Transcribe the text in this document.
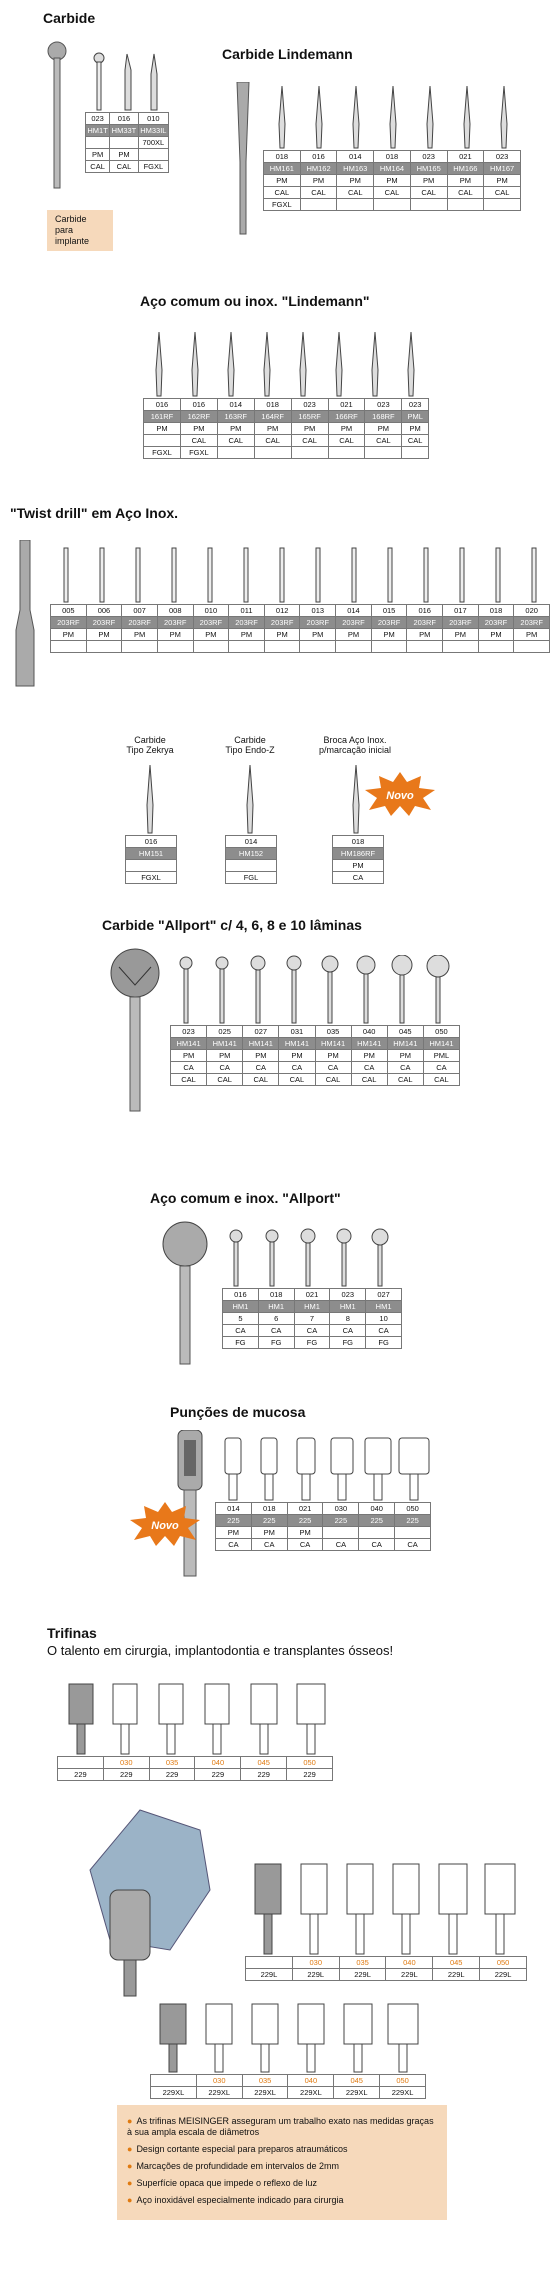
Carbide
023	016	010
HM1T	HM33T	HM33IL
		700XL
PM	PM	
CAL	CAL	FGXL
Carbide
para
implante
Carbide Lindemann
018	016	014	018	023	021	023
HM161	HM162	HM163	HM164	HM165	HM166	HM167
PM	PM	PM	PM	PM	PM	PM
CAL	CAL	CAL	CAL	CAL	CAL	CAL
FGXL						
Aço comum ou inox. "Lindemann"
016	016	014	018	023	021	023	023
161RF	162RF	163RF	164RF	165RF	166RF	168RF	PML
PM	PM	PM	PM	PM	PM	PM	PM
	CAL	CAL	CAL	CAL	CAL	CAL	CAL
FGXL	FGXL						
"Twist drill" em Aço Inox.
005	006	007	008	010	011	012	013	014	015	016	017	018	020
203RF	203RF	203RF	203RF	203RF	203RF	203RF	203RF	203RF	203RF	203RF	203RF	203RF	203RF
PM	PM	PM	PM	PM	PM	PM	PM	PM	PM	PM	PM	PM	PM

Carbide
Tipo Zekrya
Carbide
Tipo Endo-Z
Broca Aço Inox.
p/marcação inicial
Novo
016
HM151

FGXL
014
HM152

FGL
018
HM186RF
PM
CA
Carbide "Allport" c/ 4, 6, 8 e 10 lâminas
023	025	027	031	035	040	045	050
HM141	HM141	HM141	HM141	HM141	HM141	HM141	HM141
PM	PM	PM	PM	PM	PM	PM	PML
CA	CA	CA	CA	CA	CA	CA	CA
CAL	CAL	CAL	CAL	CAL	CAL	CAL	CAL
Aço comum e inox. "Allport"
016	018	021	023	027
HM1	HM1	HM1	HM1	HM1
5	6	7	8	10
CA	CA	CA	CA	CA
FG	FG	FG	FG	FG
Punções de mucosa
Novo
014	018	021	030	040	050
225	225	225	225	225	225
PM	PM	PM			
CA	CA	CA	CA	CA	CA
Trifinas
O talento em cirurgia, implantodontia e transplantes ósseos!
	030	035	040	045	050
229	229	229	229	229	229
	030	035	040	045	050
229L	229L	229L	229L	229L	229L
	030	035	040	045	050
229XL	229XL	229XL	229XL	229XL	229XL
● As trifinas MEISINGER asseguram um trabalho exato nas medidas graças à sua ampla escala de diâmetros
● Design cortante especial para preparos atraumáticos
● Marcações de profundidade em intervalos de 2mm
● Superfície opaca que impede o reflexo de luz
● Aço inoxidável especialmente indicado para cirurgia
